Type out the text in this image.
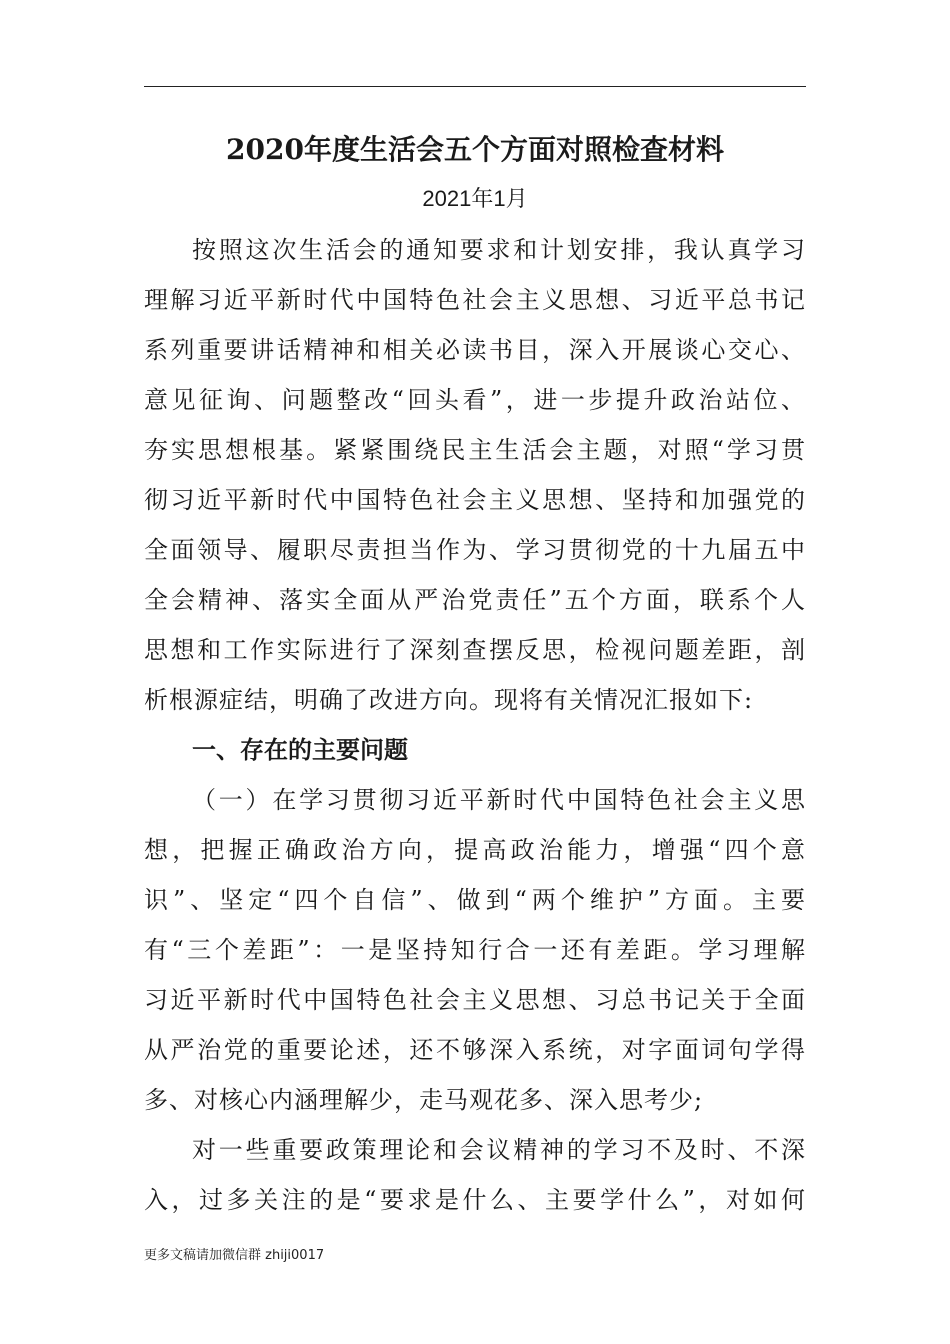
2020年度生活会五个方面对照检查材料
2021年1月
按照这次生活会的通知要求和计划安排，我认真学习
理解习近平新时代中国特色社会主义思想、习近平总书记
系列重要讲话精神和相关必读书目，深入开展谈心交心、
意见征询、问题整改“回头看”，进一步提升政治站位、
夯实思想根基。紧紧围绕民主生活会主题，对照“学习贯
彻习近平新时代中国特色社会主义思想、坚持和加强党的
全面领导、履职尽责担当作为、学习贯彻党的十九届五中
全会精神、落实全面从严治党责任”五个方面，联系个人
思想和工作实际进行了深刻查摆反思，检视问题差距，剖
析根源症结，明确了改进方向。现将有关情况汇报如下:
一、存在的主要问题
（一）在学习贯彻习近平新时代中国特色社会主义思
想，把握正确政治方向，提高政治能力，增强“四个意
识”、坚定“四个自信”、做到“两个维护”方面。主要
有“三个差距”：一是坚持知行合一还有差距。学习理解
习近平新时代中国特色社会主义思想、习总书记关于全面
从严治党的重要论述，还不够深入系统，对字面词句学得
多、对核心内涵理解少，走马观花多、深入思考少;
对一些重要政策理论和会议精神的学习不及时、不深
入，过多关注的是“要求是什么、主要学什么”，对如何
更多文稿请加微信群 zhiji0017
